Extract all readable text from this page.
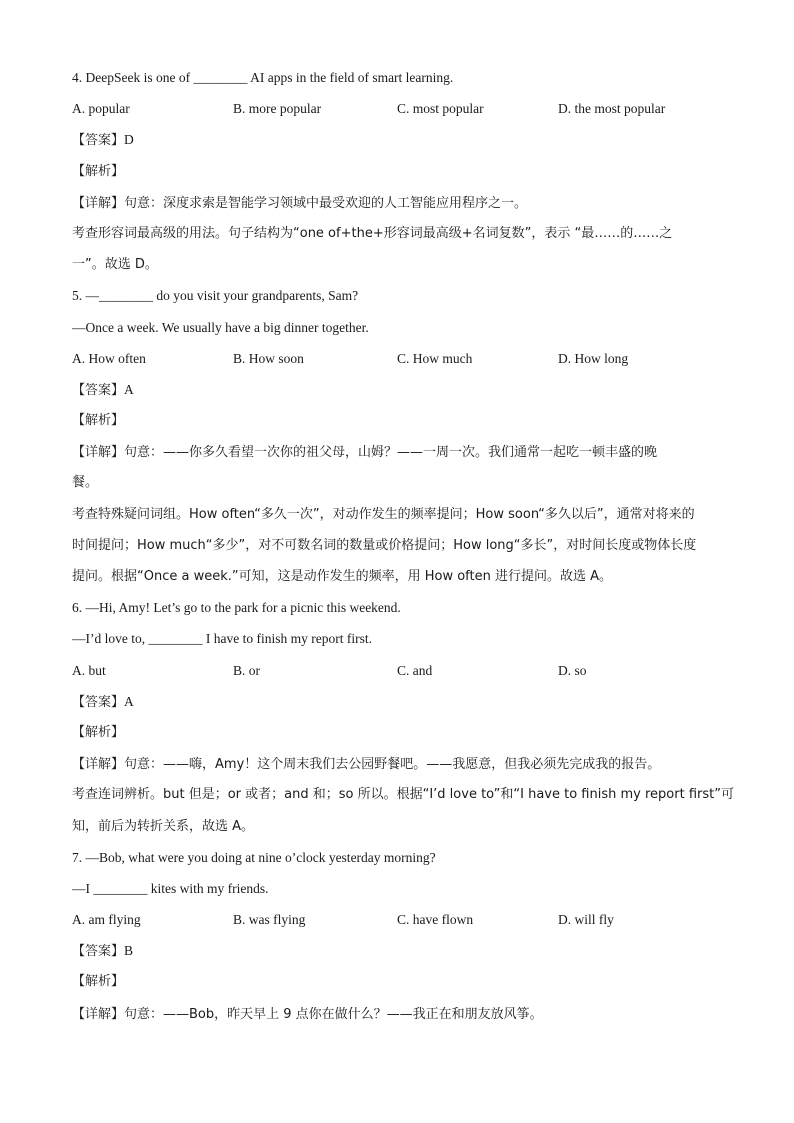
4. DeepSeek is one of ________ AI apps in the field of smart learning.
A. popular	B. more popular	C. most popular	D. the most popular
【答案】D
【解析】
【详解】句意：深度求索是智能学习领域中最受欢迎的人工智能应用程序之一。
考查形容词最高级的用法。句子结构为“one of+the+形容词最高级+名词复数”，表示 “最……的……之
一”。故选 D。
5. —________ do you visit your grandparents, Sam?
—Once a week. We usually have a big dinner together.
A. How often	B. How soon	C. How much	D. How long
【答案】A
【解析】
【详解】句意：——你多久看望一次你的祖父母，山姆？——一周一次。我们通常一起吃一顿丰盛的晚
餐。
考查特殊疑问词组。How often“多久一次”，对动作发生的频率提问；How soon“多久以后”，通常对将来的
时间提问；How much“多少”，对不可数名词的数量或价格提问；How long“多长”，对时间长度或物体长度
提问。根据“Once a week.”可知，这是动作发生的频率，用 How often 进行提问。故选 A。
6. —Hi, Amy! Let’s go to the park for a picnic this weekend.
—I’d love to, ________ I have to finish my report first.
A. but	B. or	C. and	D. so
【答案】A
【解析】
【详解】句意：——嗨，Amy！这个周末我们去公园野餐吧。——我愿意，但我必须先完成我的报告。
考查连词辨析。but 但是；or 或者；and 和；so 所以。根据“I’d love to”和“I have to finish my report first”可
知，前后为转折关系，故选 A。
7. —Bob, what were you doing at nine o’clock yesterday morning?
—I ________ kites with my friends.
A. am flying	B. was flying	C. have flown	D. will fly
【答案】B
【解析】
【详解】句意：——Bob，昨天早上 9 点你在做什么？——我正在和朋友放风筝。
